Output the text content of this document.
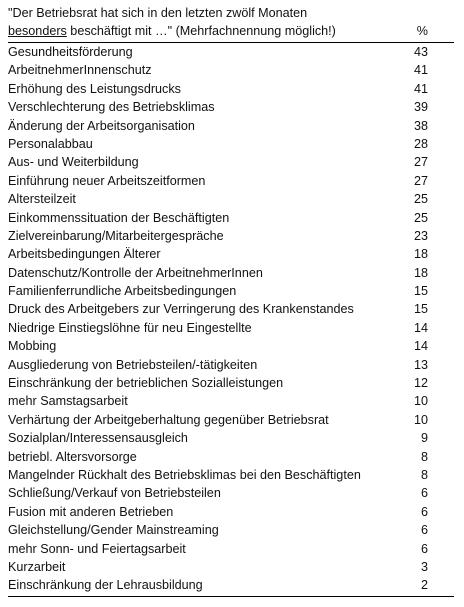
"Der Betriebsrat hat sich in den letzten zwölf Monaten
besonders beschäftigt mit …" (Mehrfachnennung möglich!)	%
Gesundheitsförderung	43
ArbeitnehmerInnenschutz	41
Erhöhung des Leistungsdrucks	41
Verschlechterung des Betriebsklimas	39
Änderung der Arbeitsorganisation	38
Personalabbau	28
Aus- und Weiterbildung	27
Einführung neuer Arbeitszeitformen	27
Altersteilzeit	25
Einkommenssituation der Beschäftigten	25
Zielvereinbarung/Mitarbeitergespräche	23
Arbeitsbedingungen Älterer	18
Datenschutz/Kontrolle der ArbeitnehmerInnen	18
Familienferrundliche Arbeitsbedingungen	15
Druck des Arbeitgebers zur Verringerung des Krankenstandes	15
Niedrige Einstiegslöhne für neu Eingestellte	14
Mobbing	14
Ausgliederung von Betriebsteilen/-tätigkeiten	13
Einschränkung der betrieblichen Sozialleistungen	12
mehr Samstagsarbeit	10
Verhärtung der Arbeitgeberhaltung gegenüber Betriebsrat	10
Sozialplan/Interessensausgleich	9
betriebl. Altersvorsorge	8
Mangelnder Rückhalt des Betriebsklimas bei den Beschäftigten	8
Schließung/Verkauf von Betriebsteilen	6
Fusion mit anderen Betrieben	6
Gleichstellung/Gender Mainstreaming	6
mehr Sonn- und Feiertagsarbeit	6
Kurzarbeit	3
Einschränkung der Lehrausbildung	2
